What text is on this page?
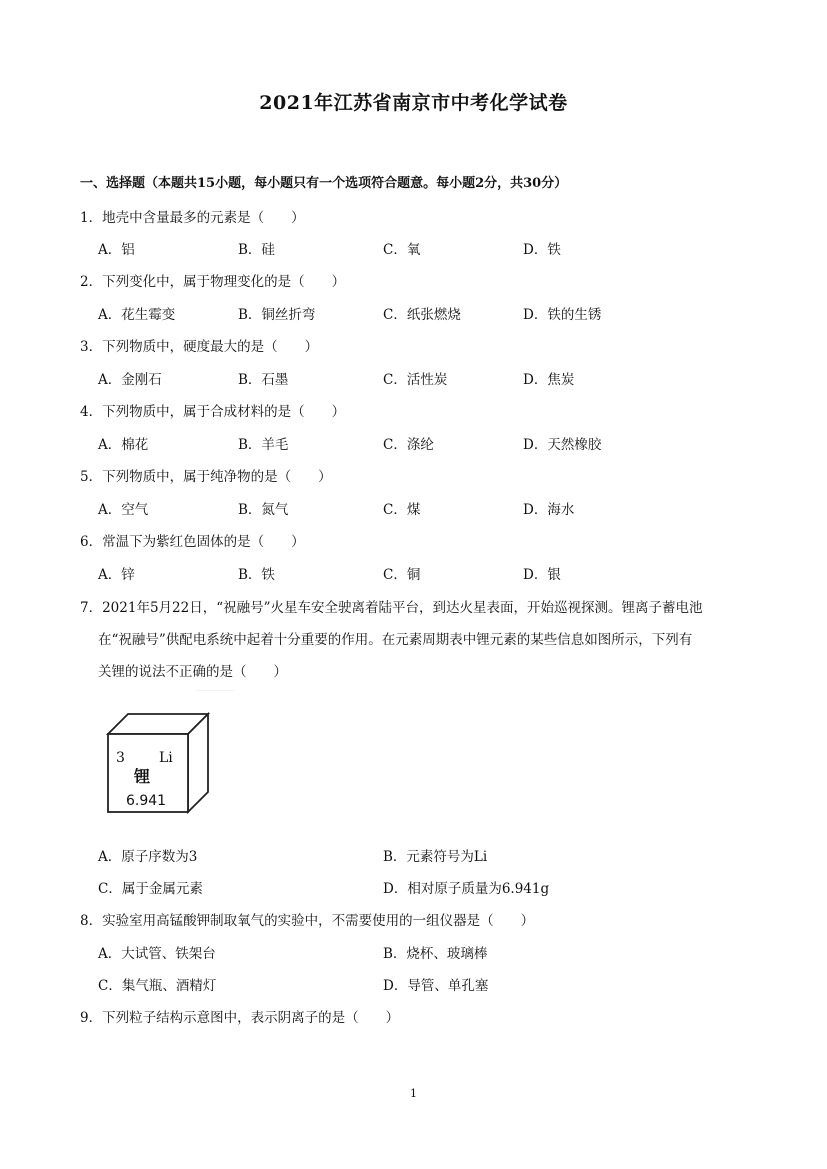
2021年江苏省南京市中考化学试卷
一、选择题（本题共15小题，每小题只有一个选项符合题意。每小题2分，共30分）
1．地壳中含量最多的元素是（　　）
A．铝	B．硅	C．氧	D．铁
2．下列变化中，属于物理变化的是（　　）
A．花生霉变	B．铜丝折弯	C．纸张燃烧	D．铁的生锈
3．下列物质中，硬度最大的是（　　）
A．金刚石	B．石墨	C．活性炭	D．焦炭
4．下列物质中，属于合成材料的是（　　）
A．棉花	B．羊毛	C．涤纶	D．天然橡胶
5．下列物质中，属于纯净物的是（　　）
A．空气	B．氮气	C．煤	D．海水
6．常温下为紫红色固体的是（　　）
A．锌	B．铁	C．铜	D．银
7．2021年5月22日，“祝融号”火星车安全驶离着陆平台，到达火星表面，开始巡视探测。锂离子蓄电池
在“祝融号”供配电系统中起着十分重要的作用。在元素周期表中锂元素的某些信息如图所示，下列有
关锂的说法不正确的是（　　）
3 Li
锂
6.941
A．原子序数为3	B．元素符号为Li
C．属于金属元素	D．相对原子质量为6.941g
8．实验室用高锰酸钾制取氧气的实验中，不需要使用的一组仪器是（　　）
A．大试管、铁架台	B．烧杯、玻璃棒
C．集气瓶、酒精灯	D．导管、单孔塞
9．下列粒子结构示意图中，表示阴离子的是（　　）
1
